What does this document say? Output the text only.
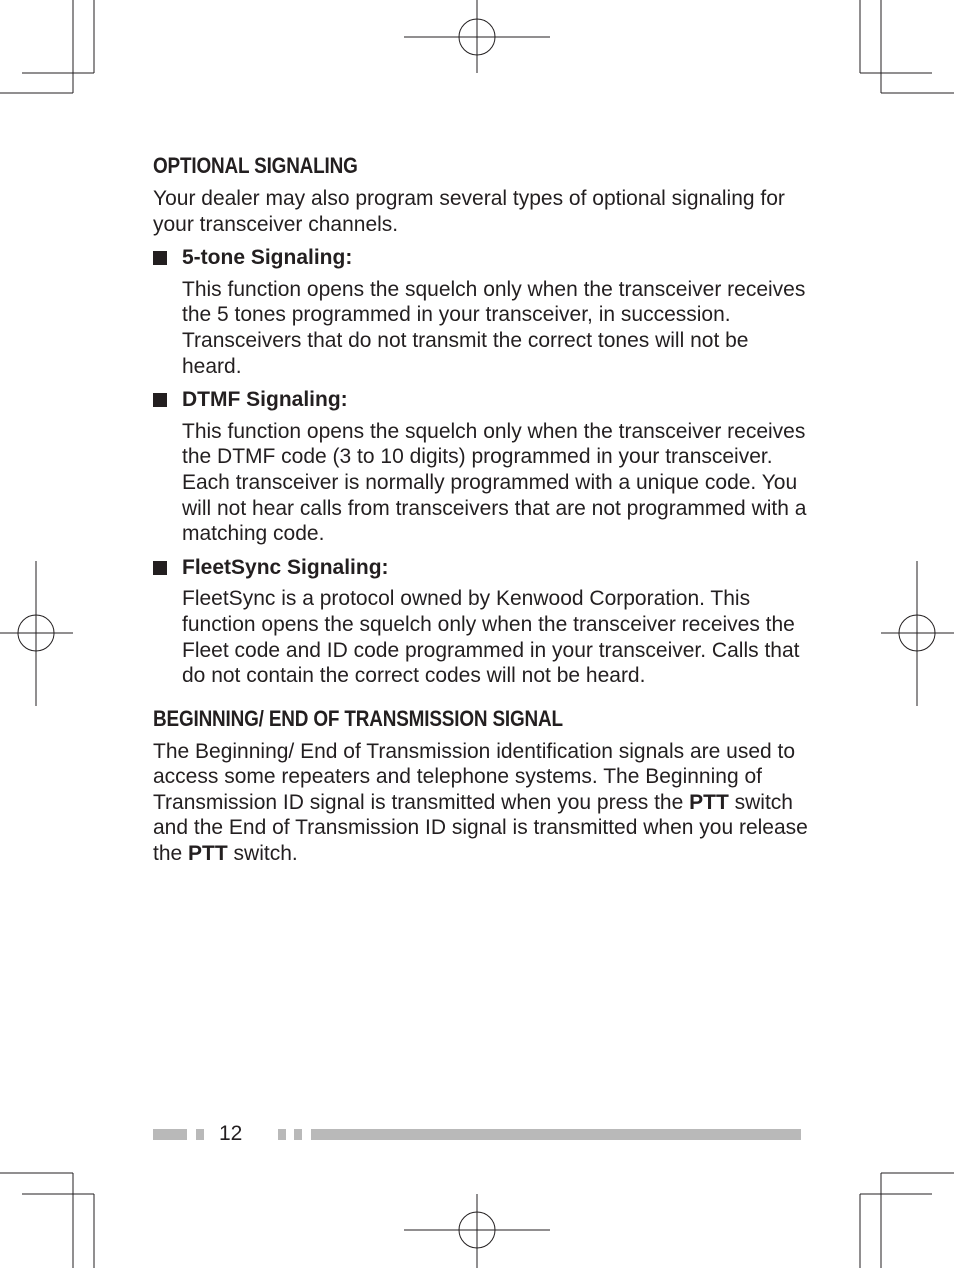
OPTIONAL SIGNALING

Your dealer may also program several types of optional signaling for your transceiver channels.

5-tone Signaling:

This function opens the squelch only when the transceiver receives the 5 tones programmed in your transceiver, in succession. Transceivers that do not transmit the correct tones will not be heard.

DTMF Signaling:

This function opens the squelch only when the transceiver receives the DTMF code (3 to 10 digits) programmed in your transceiver. Each transceiver is normally programmed with a unique code. You will not hear calls from transceivers that are not programmed with a matching code.

FleetSync Signaling:

FleetSync is a protocol owned by Kenwood Corporation. This function opens the squelch only when the transceiver receives the Fleet code and ID code programmed in your transceiver. Calls that do not contain the correct codes will not be heard.

BEGINNING/ END OF TRANSMISSION SIGNAL

The Beginning/ End of Transmission identification signals are used to access some repeaters and telephone systems. The Beginning of Transmission ID signal is transmitted when you press the PTT switch and the End of Transmission ID signal is transmitted when you release the PTT switch.

12
